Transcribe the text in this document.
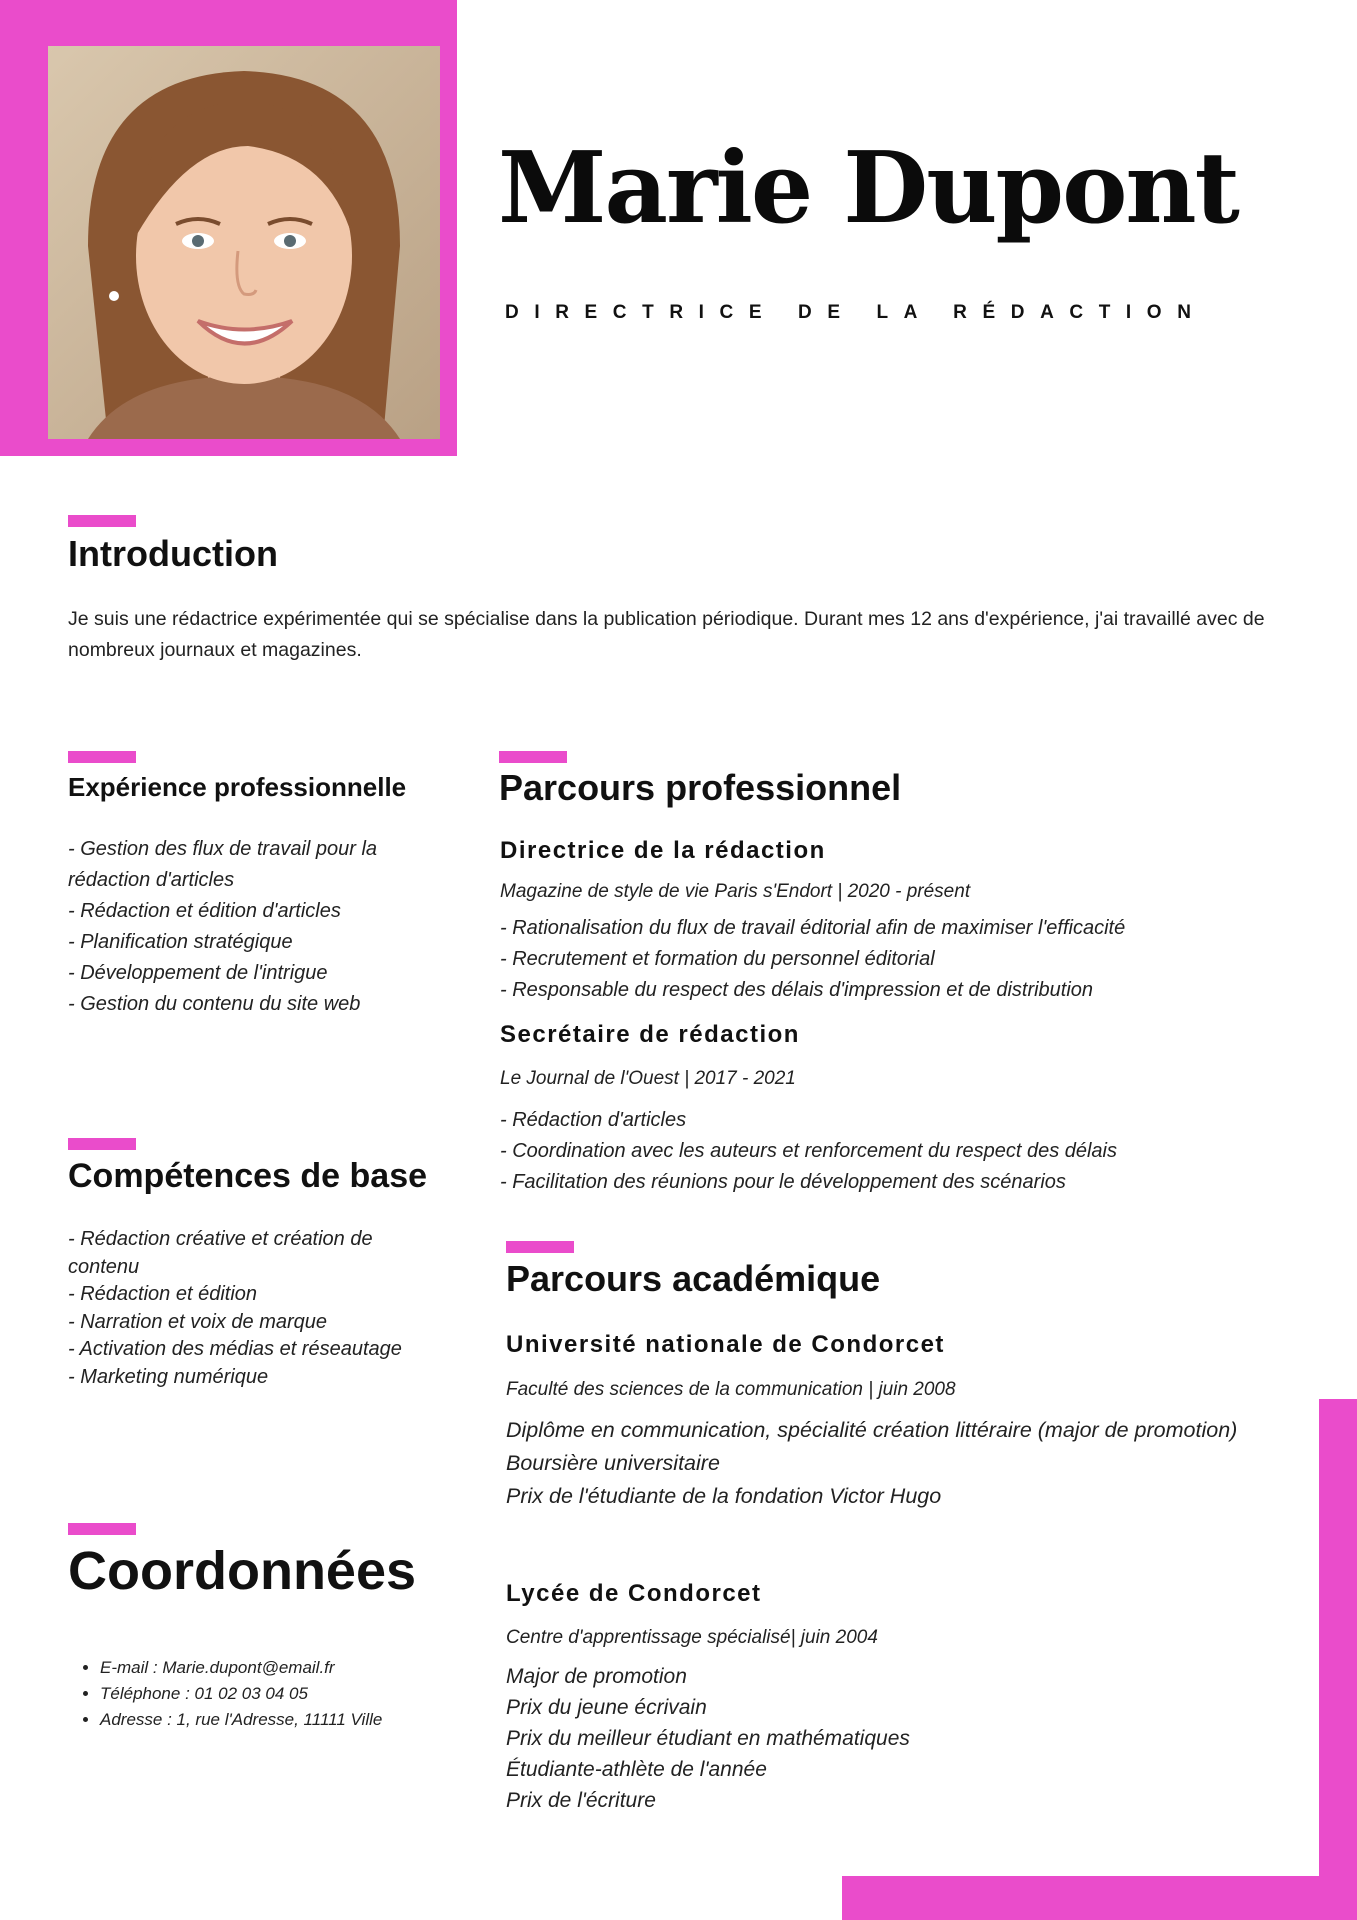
Marie Dupont

DIRECTRICE DE LA RÉDACTION

Introduction

Je suis une rédactrice expérimentée qui se spécialise dans la publication périodique. Durant mes 12 ans d'expérience, j'ai travaillé avec de nombreux journaux et magazines.

Expérience professionnelle
- Gestion des flux de travail pour la
rédaction d'articles
- Rédaction et édition d'articles
- Planification stratégique
- Développement de l'intrigue
- Gestion du contenu du site web
Compétences de base
- Rédaction créative et création de
contenu
- Rédaction et édition
- Narration et voix de marque
- Activation des médias et réseautage
- Marketing numérique
Coordonnées
• E-mail : Marie.dupont@email.fr
• Téléphone : 01 02 03 04 05
• Adresse : 1, rue l'Adresse, 11111 Ville
Parcours professionnel
Directrice de la rédaction

Magazine de style de vie Paris s'Endort | 2020 - présent

- Rationalisation du flux de travail éditorial afin de maximiser l'efficacité
- Recrutement et formation du personnel éditorial
- Responsable du respect des délais d'impression et de distribution
Secrétaire de rédaction

Le Journal de l'Ouest | 2017 - 2021

- Rédaction d'articles
- Coordination avec les auteurs et renforcement du respect des délais
- Facilitation des réunions pour le développement des scénarios
Parcours académique
Université nationale de Condorcet

Faculté des sciences de la communication | juin 2008

Diplôme en communication, spécialité création littéraire (major de promotion)
Boursière universitaire
Prix de l'étudiante de la fondation Victor Hugo
Lycée de Condorcet

Centre d'apprentissage spécialisé| juin 2004

Major de promotion
Prix du jeune écrivain
Prix du meilleur étudiant en mathématiques
Étudiante-athlète de l'année
Prix de l'écriture
